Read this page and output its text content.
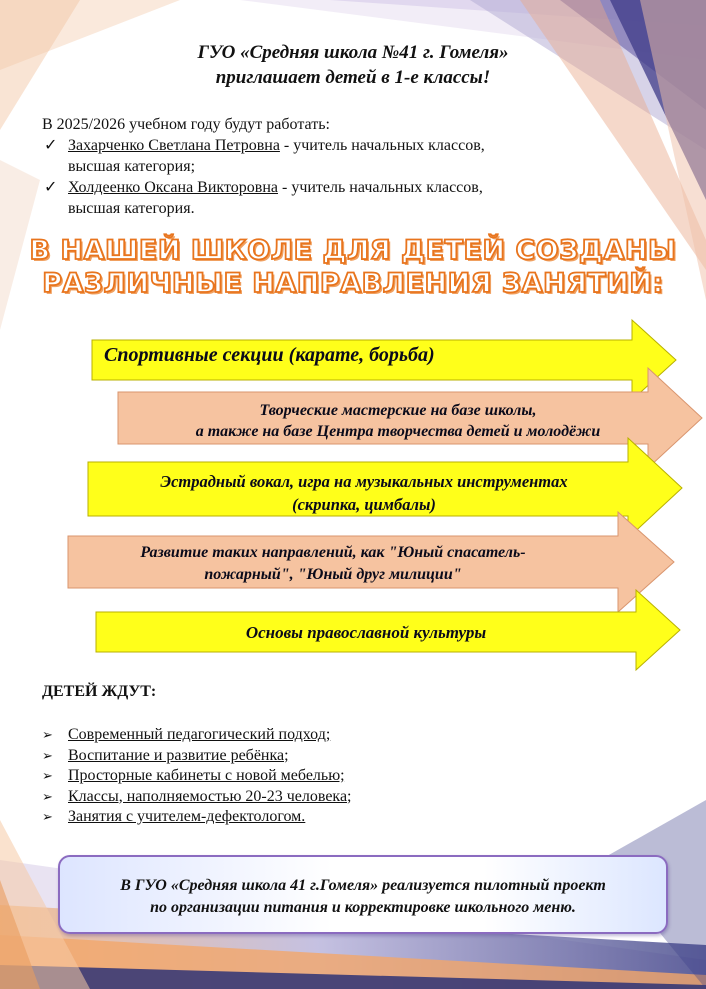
ГУО «Средняя школа №41 г. Гомеля»
приглашает детей в 1-е классы!

В 2025/2026 учебном году будут работать:

✓ Захарченко Светлана Петровна - учитель начальных классов,
высшая категория;
✓ Холдеенко Оксана Викторовна - учитель начальных классов,
высшая категория.
В НАШЕЙ ШКОЛЕ ДЛЯ ДЕТЕЙ СОЗДАНЫ
РАЗЛИЧНЫЕ НАПРАВЛЕНИЯ ЗАНЯТИЙ:
Спортивные секции (карате, борьба)
Творческие мастерские на базе школы,
а также на базе Центра творчества детей и молодёжи
Эстрадный вокал, игра на музыкальных инструментах
(скрипка, цимбалы)
Развитие таких направлений, как "Юный спасатель-
пожарный", "Юный друг милиции"
Основы православной культуры
ДЕТЕЙ ЖДУТ:
➢ Современный педагогический подход;
➢ Воспитание и развитие ребёнка;
➢ Просторные кабинеты с новой мебелью;
➢ Классы, наполняемостью 20-23 человека;
➢ Занятия с учителем-дефектологом.
В ГУО «Средняя школа 41 г.Гомеля» реализуется пилотный проект
по организации питания и корректировке школьного меню.
